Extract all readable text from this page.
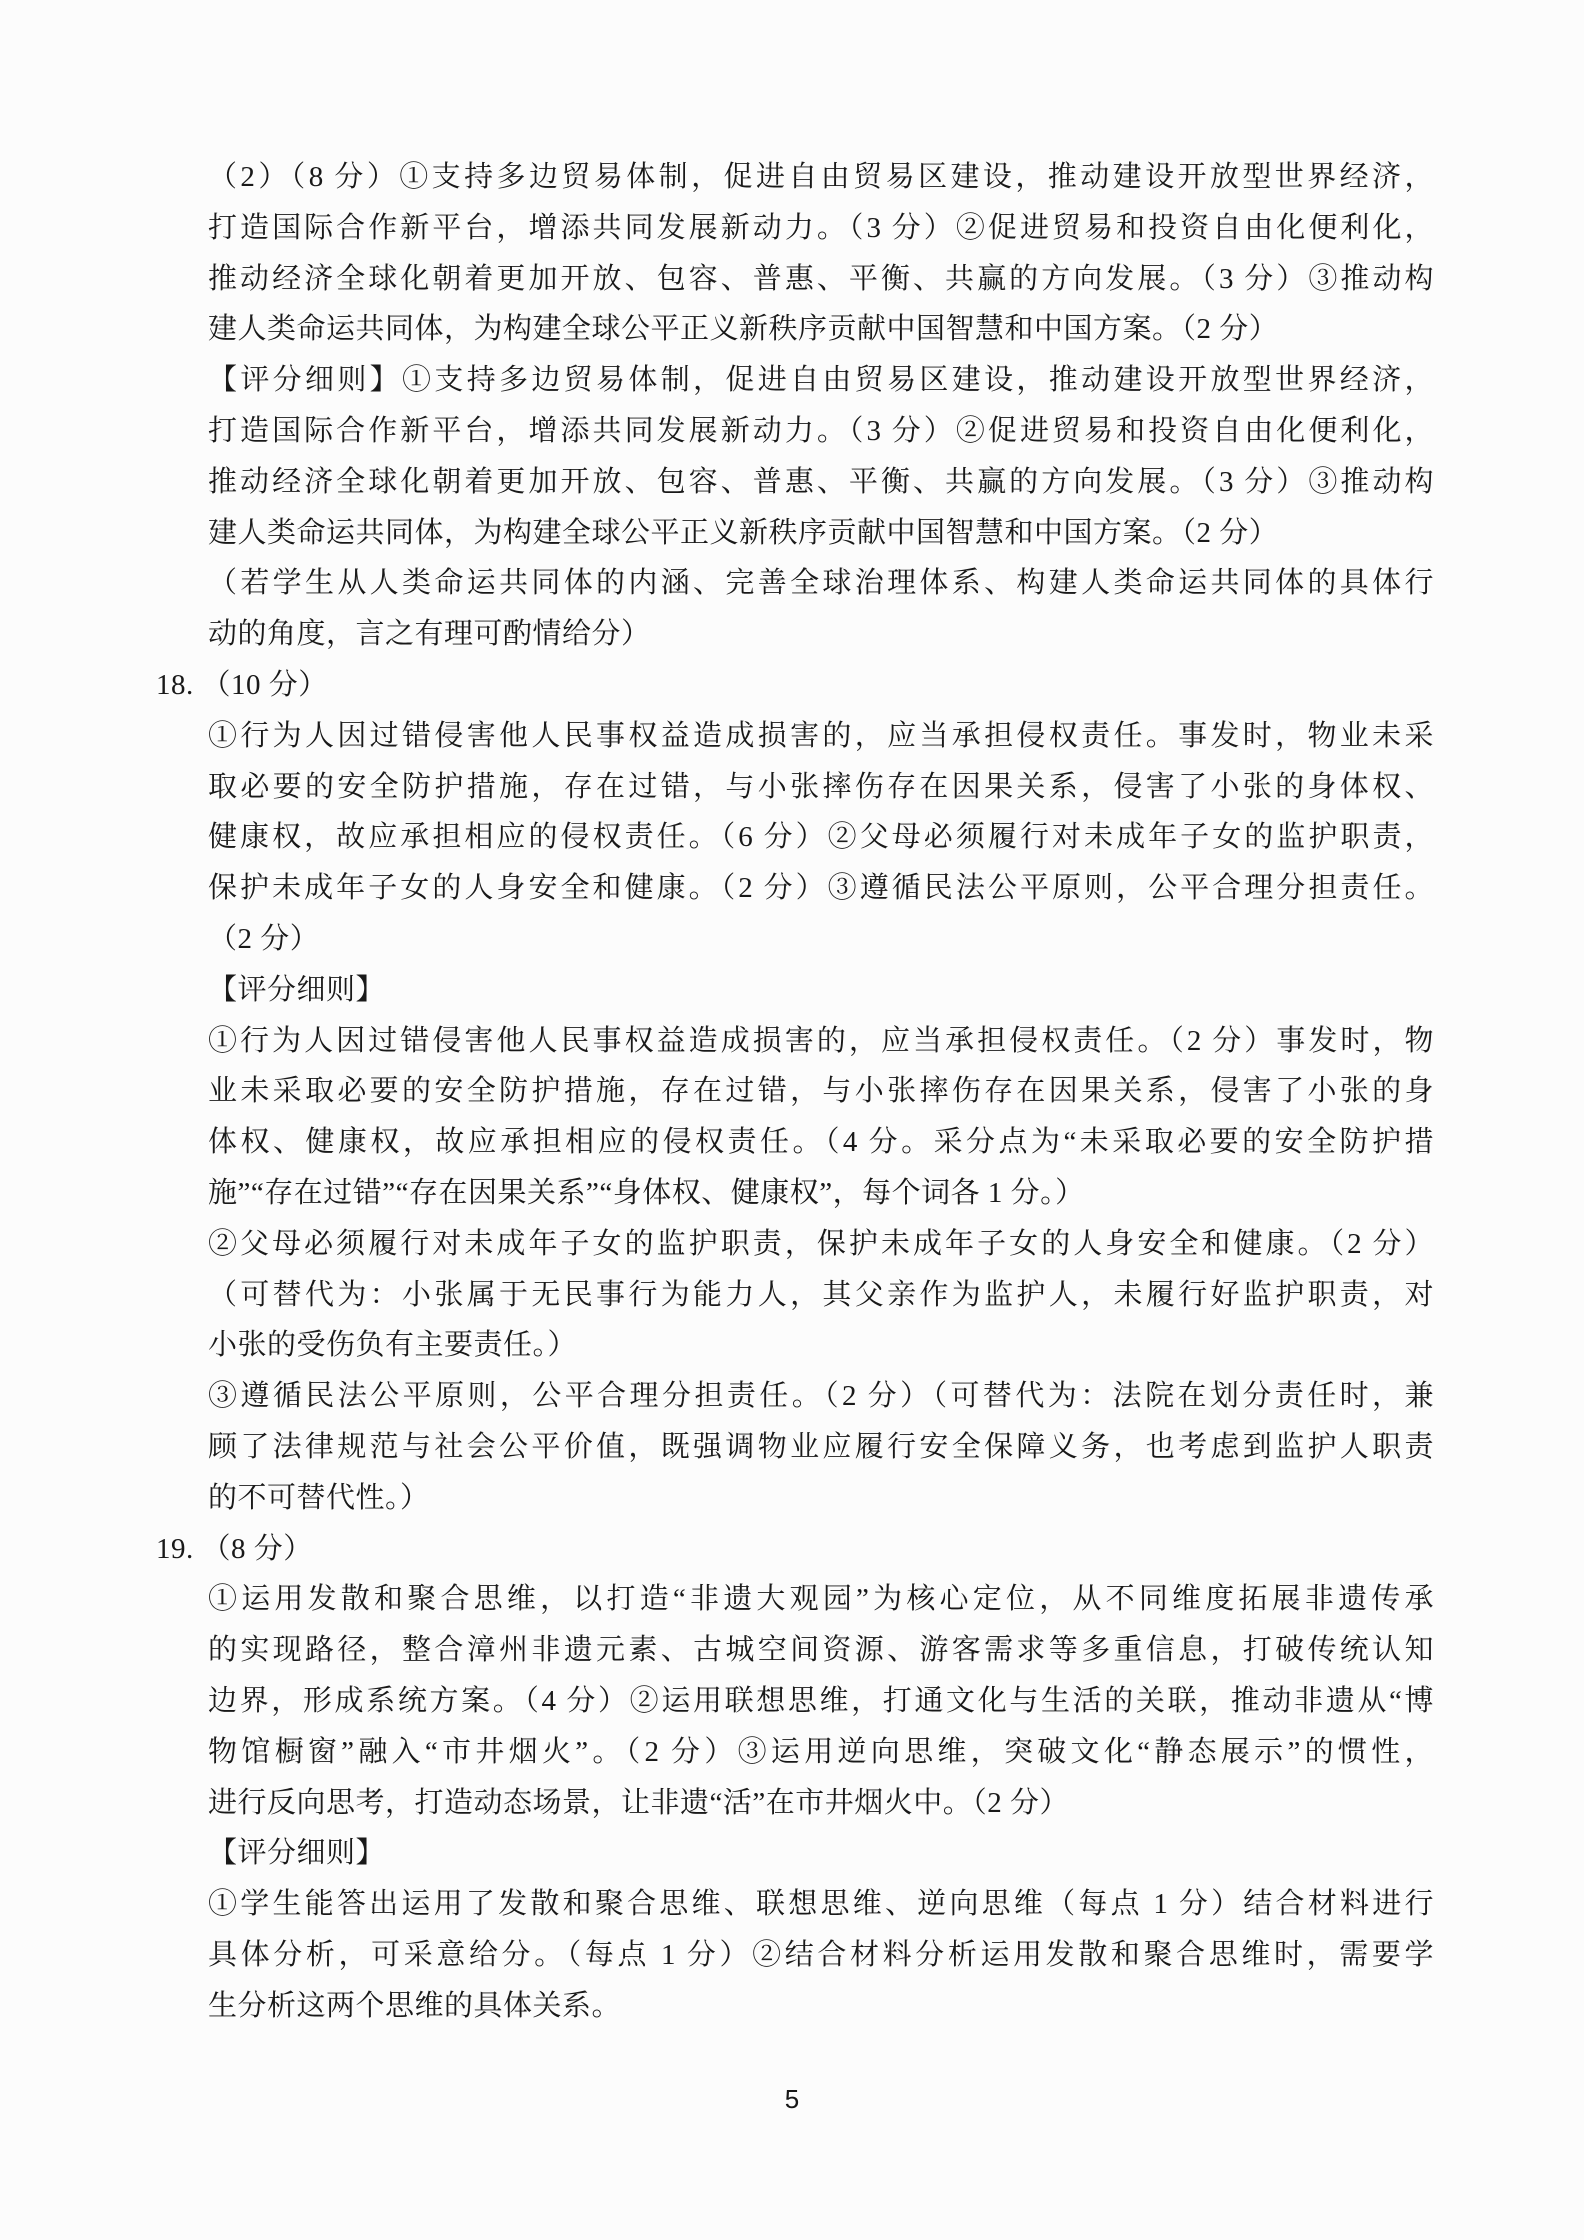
（2）（8 分）①支持多边贸易体制，促进自由贸易区建设，推动建设开放型世界经济，
打造国际合作新平台，增添共同发展新动力。（3 分）②促进贸易和投资自由化便利化，
推动经济全球化朝着更加开放、包容、普惠、平衡、共赢的方向发展。（3 分）③推动构
建人类命运共同体，为构建全球公平正义新秩序贡献中国智慧和中国方案。（2 分）
【评分细则】①支持多边贸易体制，促进自由贸易区建设，推动建设开放型世界经济，
打造国际合作新平台，增添共同发展新动力。（3 分）②促进贸易和投资自由化便利化，
推动经济全球化朝着更加开放、包容、普惠、平衡、共赢的方向发展。（3 分）③推动构
建人类命运共同体，为构建全球公平正义新秩序贡献中国智慧和中国方案。（2 分）
（若学生从人类命运共同体的内涵、完善全球治理体系、构建人类命运共同体的具体行
动的角度，言之有理可酌情给分）
18. （10 分）
①行为人因过错侵害他人民事权益造成损害的，应当承担侵权责任。事发时，物业未采
取必要的安全防护措施，存在过错，与小张摔伤存在因果关系，侵害了小张的身体权、
健康权，故应承担相应的侵权责任。（6 分）②父母必须履行对未成年子女的监护职责，
保护未成年子女的人身安全和健康。（2 分）③遵循民法公平原则，公平合理分担责任。
（2 分）
【评分细则】
①行为人因过错侵害他人民事权益造成损害的，应当承担侵权责任。（2 分）事发时，物
业未采取必要的安全防护措施，存在过错，与小张摔伤存在因果关系，侵害了小张的身
体权、健康权，故应承担相应的侵权责任。（4 分。采分点为“未采取必要的安全防护措
施”“存在过错”“存在因果关系”“身体权、健康权”，每个词各 1 分。）
②父母必须履行对未成年子女的监护职责，保护未成年子女的人身安全和健康。（2 分）
（可替代为：小张属于无民事行为能力人，其父亲作为监护人，未履行好监护职责，对
小张的受伤负有主要责任。）
③遵循民法公平原则，公平合理分担责任。（2 分）（可替代为：法院在划分责任时，兼
顾了法律规范与社会公平价值，既强调物业应履行安全保障义务，也考虑到监护人职责
的不可替代性。）
19. （8 分）
①运用发散和聚合思维，以打造“非遗大观园”为核心定位，从不同维度拓展非遗传承
的实现路径，整合漳州非遗元素、古城空间资源、游客需求等多重信息，打破传统认知
边界，形成系统方案。（4 分）②运用联想思维，打通文化与生活的关联，推动非遗从“博
物馆橱窗”融入“市井烟火”。（2 分）③运用逆向思维，突破文化“静态展示”的惯性，
进行反向思考，打造动态场景，让非遗“活”在市井烟火中。（2 分）
【评分细则】
①学生能答出运用了发散和聚合思维、联想思维、逆向思维（每点 1 分）结合材料进行
具体分析，可采意给分。（每点 1 分）②结合材料分析运用发散和聚合思维时，需要学
生分析这两个思维的具体关系。
5
